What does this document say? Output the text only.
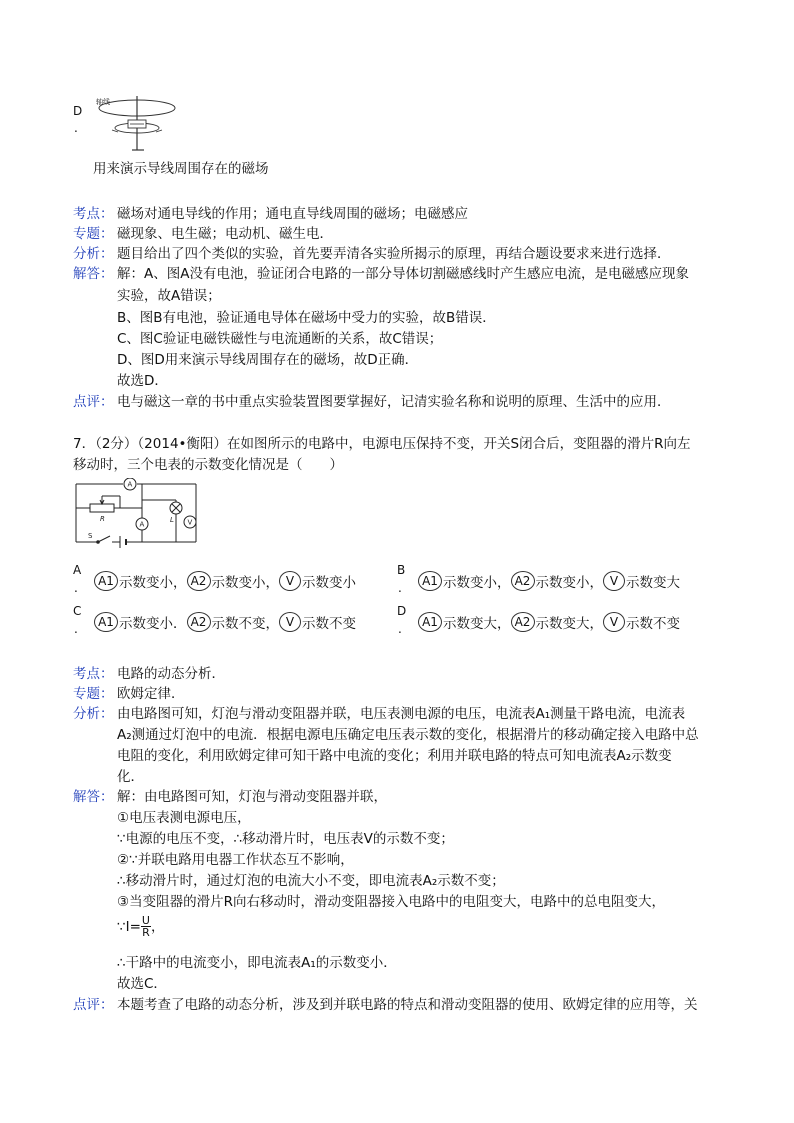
D
.
轴线
用来演示导线周围存在的磁场
考点： 磁场对通电导线的作用；通电直导线周围的磁场；电磁感应
专题： 磁现象、电生磁；电动机、磁生电．
分析： 题目给出了四个类似的实验，首先要弄清各实验所揭示的原理，再结合题设要求来进行选择．
解答： 解：A、图A没有电池，验证闭合电路的一部分导体切割磁感线时产生感应电流，是电磁感应现象
实验，故A错误；
B、图B有电池，验证通电导体在磁场中受力的实验，故B错误．
C、图C验证电磁铁磁性与电流通断的关系，故C错误；
D、图D用来演示导线周围存在的磁场，故D正确．
故选D．
点评： 电与磁这一章的书中重点实验装置图要掌握好，记清实验名称和说明的原理、生活中的应用．
7．（2分）（2014•衡阳）在如图所示的电路中，电源电压保持不变，开关S闭合后，变阻器的滑片R向左
移动时，三个电表的示数变化情况是（　　）
A
A
R	L V
S
A
.	A1 示数变小， A2 示数变小， V 示数变小
B
.	A1 示数变小， A2 示数变小， V 示数变大
C
.	A1 示数变小． A2 示数不变， V 示数不变
D
.	A1 示数变大， A2 示数变大， V 示数不变
考点： 电路的动态分析．
专题： 欧姆定律．
分析： 由电路图可知，灯泡与滑动变阻器并联，电压表测电源的电压，电流表A₁测量干路电流，电流表
A₂测通过灯泡中的电流．根据电源电压确定电压表示数的变化，根据滑片的移动确定接入电路中总
电阻的变化，利用欧姆定律可知干路中电流的变化；利用并联电路的特点可知电流表A₂示数变
化．
解答： 解：由电路图可知，灯泡与滑动变阻器并联，
①电压表测电源电压，
∵电源的电压不变，∴移动滑片时，电压表V的示数不变；
②∵并联电路用电器工作状态互不影响，
∴移动滑片时，通过灯泡的电流大小不变，即电流表A₂示数不变；
③当变阻器的滑片R向右移动时，滑动变阻器接入电路中的电阻变大，电路中的总电阻变大，
∵I= $\frac{U}{R}$ ，
∴干路中的电流变小，即电流表A₁的示数变小．
故选C．
点评： 本题考查了电路的动态分析，涉及到并联电路的特点和滑动变阻器的使用、欧姆定律的应用等，关
